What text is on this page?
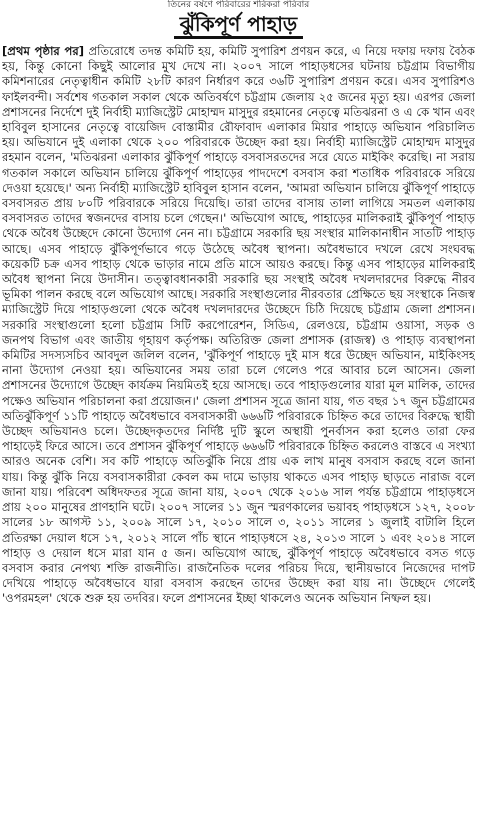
তিনের বর্ষণে পরিবারের শরিকরা পরিবার
ঝুঁকিপূর্ণ পাহাড়

[প্রথম পৃষ্ঠার পর] প্রতিরোধে তদন্ত কমিটি হয়, কমিটি সুপারিশ প্রণয়ন করে, এ নিয়ে দফায় দফায় বৈঠক হয়, কিন্তু কোনো কিছুই আলোর মুখ দেখে না। ২০০৭ সালে পাহাড়ধসের ঘটনায় চট্টগ্রাম বিভাগীয় কমিশনারের নেতৃত্বাধীন কমিটি ২৮টি কারণ নির্ধারণ করে ৩৬টি সুপারিশ প্রণয়ন করে। এসব সুপারিশও ফাইলবন্দী। সর্বশেষ গতকাল সকাল থেকে অতিবর্ষণে চট্টগ্রাম জেলায় ২৫ জনের মৃত্যু হয়। এরপর জেলা প্রশাসনের নির্দেশে দুই নির্বাহী ম্যাজিস্ট্রেট মোহাম্মদ মাসুদুর রহমানের নেতৃত্বে মতিঝরনা ও এ কে খান এবং হাবিবুল হাসানের নেতৃত্বে বায়েজিদ বোস্তামীর রৌফাবাদ এলাকার মিয়ার পাহাড়ে অভিযান পরিচালিত হয়। অভিযানে দুই এলাকা থেকে ২০০ পরিবারকে উচ্ছেদ করা হয়। নির্বাহী ম্যাজিস্ট্রেট মোহাম্মদ মাসুদুর রহমান বলেন, 'মতিঝরনা এলাকার ঝুঁকিপূর্ণ পাহাড়ে বসবাসরতদের সরে যেতে মাইকিং করেছি। না সরায় গতকাল সকালে অভিযান চালিয়ে ঝুঁকিপূর্ণ পাহাড়ের পাদদেশে বসবাস করা শতাধিক পরিবারকে সরিয়ে দেওয়া হয়েছে।' অন্য নির্বাহী ম্যাজিস্ট্রেট হাবিবুল হাসান বলেন, 'আমরা অভিযান চালিয়ে ঝুঁকিপূর্ণ পাহাড়ে বসবাসরত প্রায় ৮০টি পরিবারকে সরিয়ে দিয়েছি। তারা তাদের বাসায় তালা লাগিয়ে সমতল এলাকায় বসবাসরত তাদের স্বজনদের বাসায় চলে গেছেন।' অভিযোগ আছে, পাহাড়ের মালিকরাই ঝুঁকিপূর্ণ পাহাড় থেকে অবৈধ উচ্ছেদে কোনো উদ্যোগ নেন না। চট্টগ্রামে সরকারি ছয় সংস্থার মালিকানাধীন সাতটি পাহাড় আছে। এসব পাহাড়ে ঝুঁকিপূর্ণভাবে গড়ে উঠেছে অবৈধ স্থাপনা। অবৈধভাবে দখলে রেখে সংঘবদ্ধ কয়েকটি চক্র এসব পাহাড় থেকে ভাড়ার নামে প্রতি মাসে আয়ও করছে। কিন্তু এসব পাহাড়ের মালিকরাই অবৈধ স্থাপনা নিয়ে উদাসীন। তত্ত্বাবধানকারী সরকারি ছয় সংস্থাই অবৈধ দখলদারদের বিরুদ্ধে নীরব ভূমিকা পালন করছে বলে অভিযোগ আছে। সরকারি সংস্থাগুলোর নীরবতার প্রেক্ষিতে ছয় সংস্থাকে নিজস্ব ম্যাজিস্ট্রেট দিয়ে পাহাড়গুলো থেকে অবৈধ দখলদারদের উচ্ছেদে চিঠি দিয়েছে চট্টগ্রাম জেলা প্রশাসন। সরকারি সংস্থাগুলো হলো চট্টগ্রাম সিটি করপোরেশন, সিডিএ, রেলওয়ে, চট্টগ্রাম ওয়াসা, সড়ক ও জনপথ বিভাগ এবং জাতীয় গৃহায়ণ কর্তৃপক্ষ। অতিরিক্ত জেলা প্রশাসক (রাজস্ব) ও পাহাড় ব্যবস্থাপনা কমিটির সদস্যসচিব আবদুল জলিল বলেন, 'ঝুঁকিপূর্ণ পাহাড়ে দুই মাস ধরে উচ্ছেদ অভিযান, মাইকিংসহ নানা উদ্যোগ নেওয়া হয়। অভিযানের সময় তারা চলে গেলেও পরে আবার চলে আসেন। জেলা প্রশাসনের উদ্যোগে উচ্ছেদ কার্যক্রম নিয়মিতই হয়ে আসছে। তবে পাহাড়গুলোর যারা মূল মালিক, তাদের পক্ষেও অভিযান পরিচালনা করা প্রয়োজন।' জেলা প্রশাসন সূত্রে জানা যায়, গত বছর ১৭ জুন চট্টগ্রামের অতিঝুঁকিপূর্ণ ১১টি পাহাড়ে অবৈধভাবে বসবাসকারী ৬৬৬টি পরিবারকে চিহ্নিত করে তাদের বিরুদ্ধে স্থায়ী উচ্ছেদ অভিযানও চলে। উচ্ছেদকৃতদের নির্দিষ্ট দুটি স্কুলে অস্থায়ী পুনর্বাসন করা হলেও তারা ফের পাহাড়েই ফিরে আসে। তবে প্রশাসন ঝুঁকিপূর্ণ পাহাড়ে ৬৬৬টি পরিবারকে চিহ্নিত করলেও বাস্তবে এ সংখ্যা আরও অনেক বেশি। সব কটি পাহাড়ে অতিঝুঁকি নিয়ে প্রায় এক লাখ মানুষ বসবাস করছে বলে জানা যায়। কিন্তু ঝুঁকি নিয়ে বসবাসকারীরা কেবল কম দামে ভাড়ায় থাকতে এসব পাহাড় ছাড়তে নারাজ বলে জানা যায়। পরিবেশ অধিদফতর সূত্রে জানা যায়, ২০০৭ থেকে ২০১৬ সাল পর্যন্ত চট্টগ্রামে পাহাড়ধসে প্রায় ২০০ মানুষের প্রাণহানি ঘটে। ২০০৭ সালের ১১ জুন স্মরণকালের ভয়াবহ পাহাড়ধসে ১২৭, ২০০৮ সালের ১৮ আগস্ট ১১, ২০০৯ সালে ১৭, ২০১০ সালে ৩, ২০১১ সালের ১ জুলাই বাটালি হিলে প্রতিরক্ষা দেয়াল ধসে ১৭, ২০১২ সালে পাঁচ স্থানে পাহাড়ধসে ২৪, ২০১৩ সালে ১ এবং ২০১৪ সালে পাহাড় ও দেয়াল ধসে মারা যান ৫ জন। অভিযোগ আছে, ঝুঁকিপূর্ণ পাহাড়ে অবৈধভাবে বসত গড়ে বসবাস করার নেপথ্য শক্তি রাজনীতি। রাজনৈতিক দলের পরিচয় দিয়ে, স্থানীয়ভাবে নিজেদের দাপট দেখিয়ে পাহাড়ে অবৈধভাবে যারা বসবাস করছেন তাদের উচ্ছেদ করা যায় না। উচ্ছেদে গেলেই 'ওপরমহল' থেকে শুরু হয় তদবির। ফলে প্রশাসনের ইচ্ছা থাকলেও অনেক অভিযান নিষ্ফল হয়।
